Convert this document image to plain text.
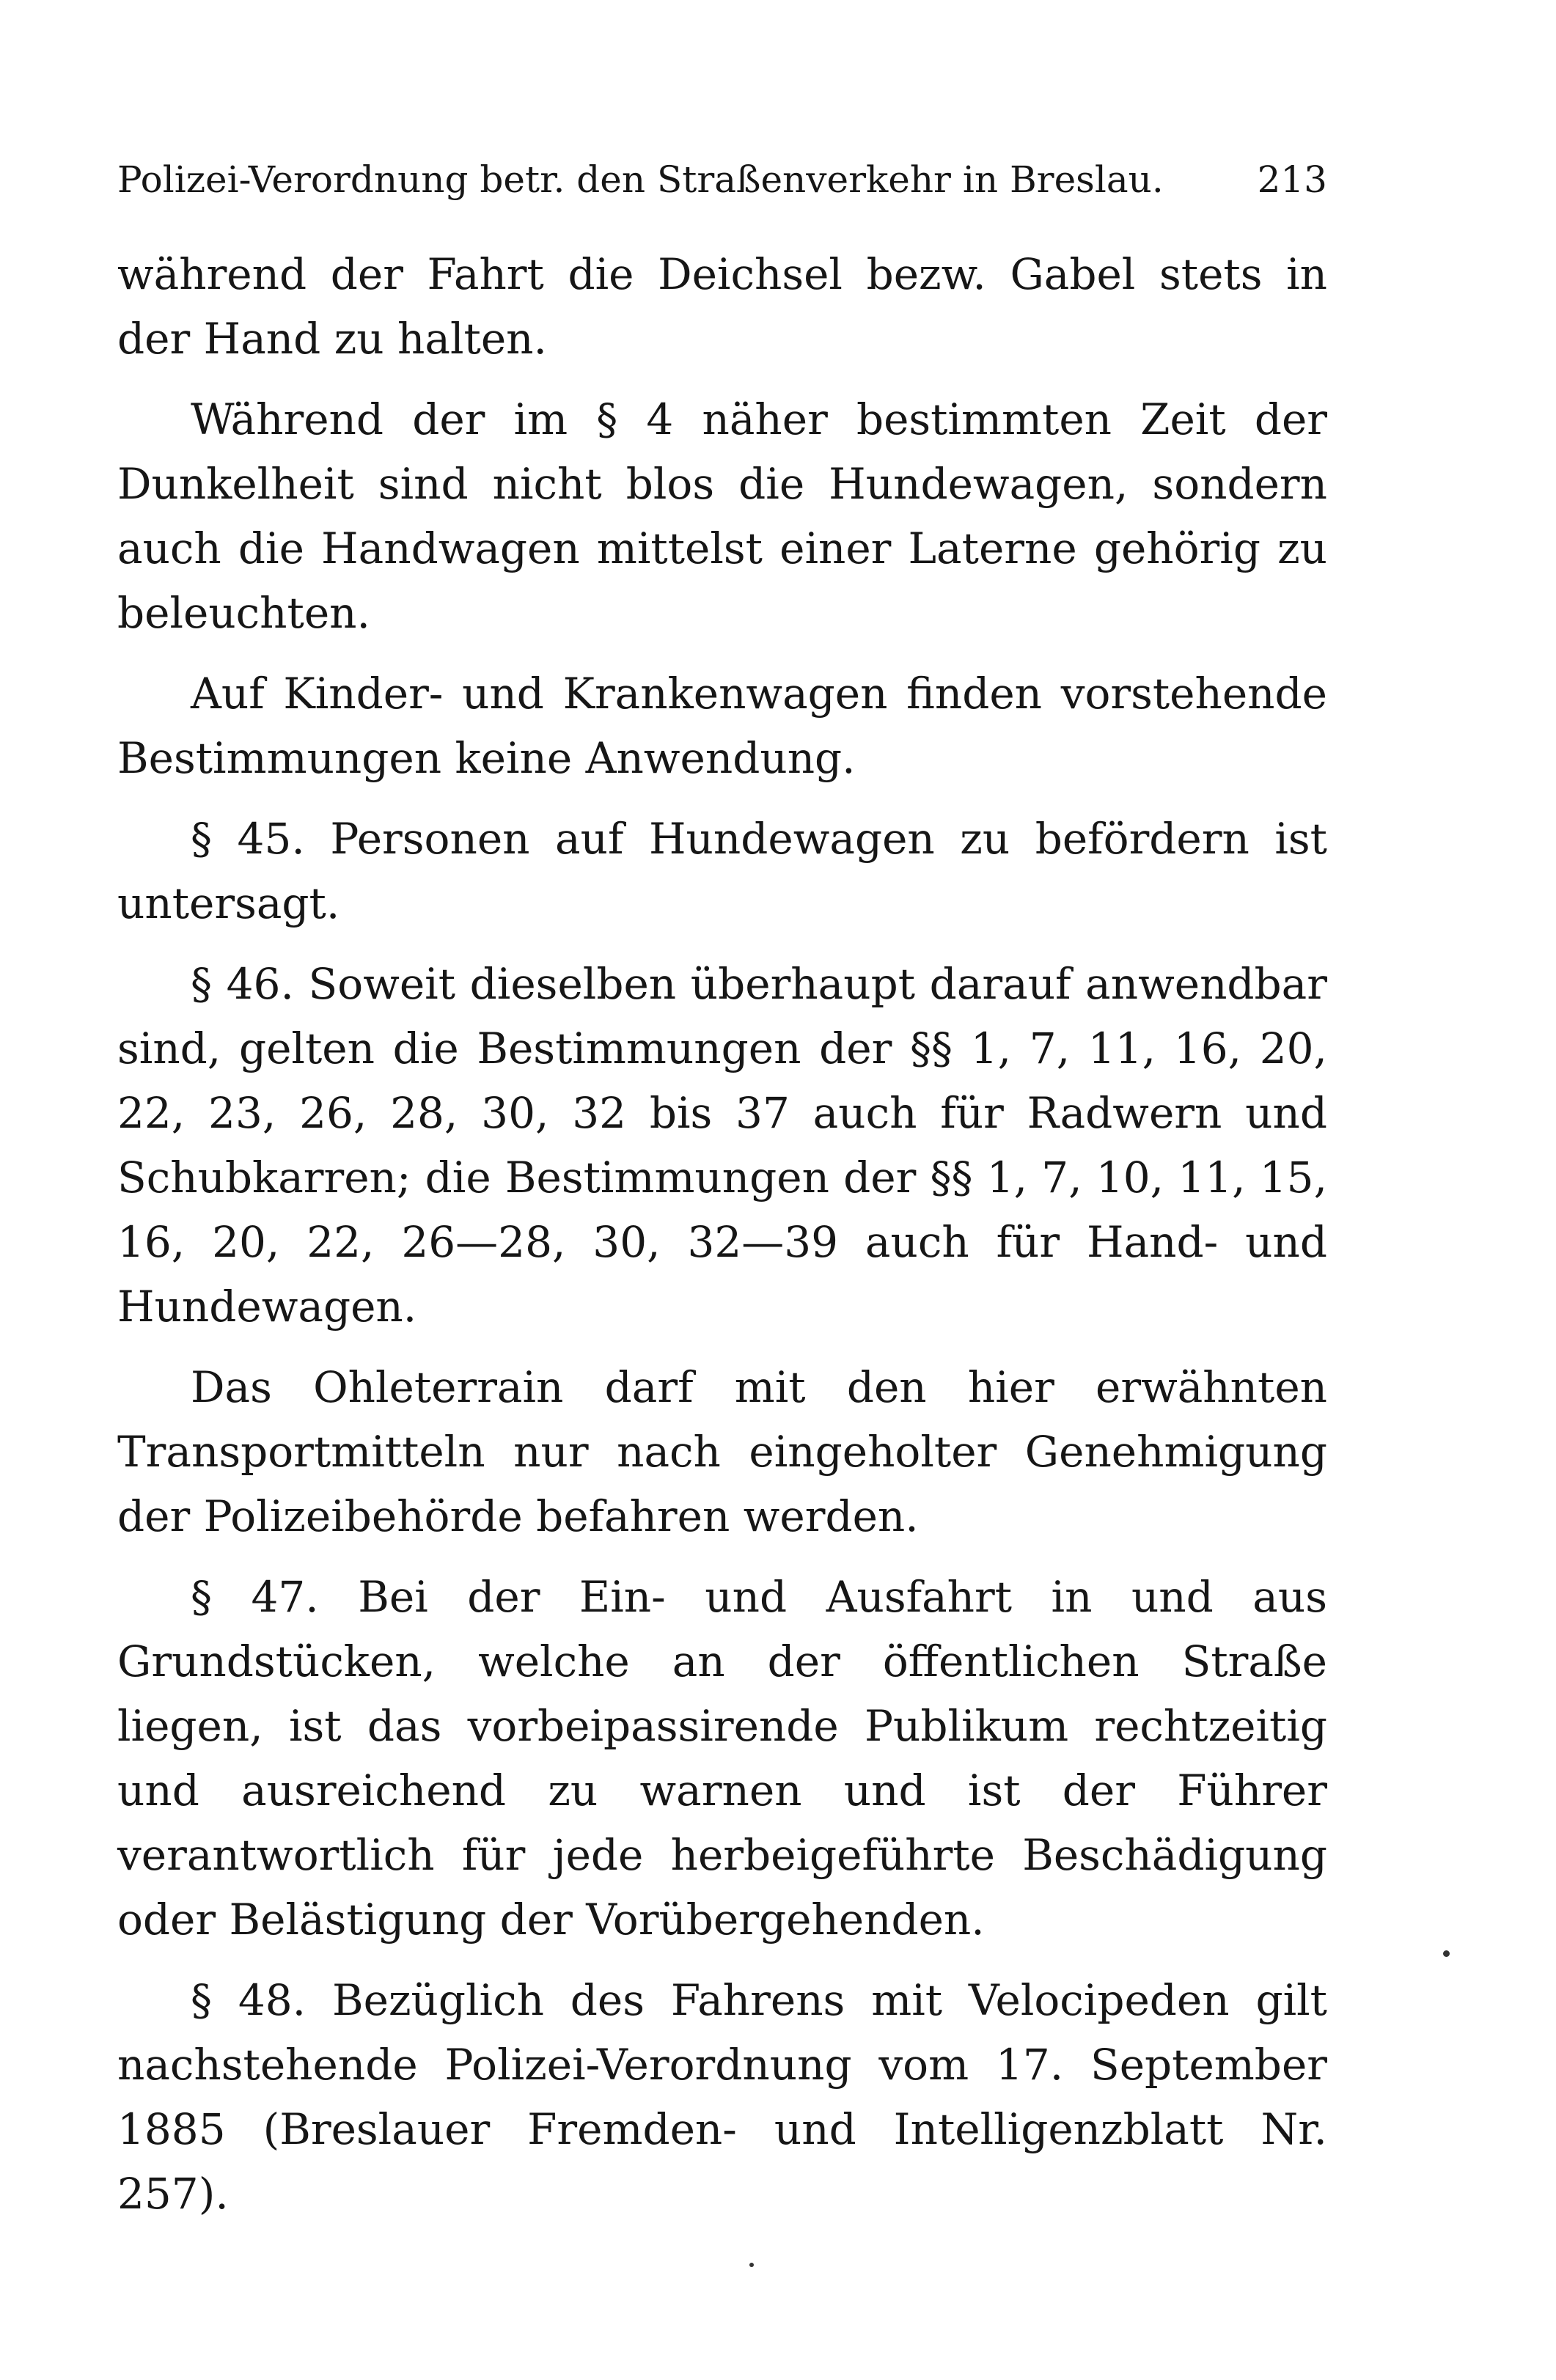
Polizei-Verordnung betr. den Straßenverkehr in Breslau.	213

während der Fahrt die Deichsel bezw. Gabel stets in der Hand zu halten.

Während der im § 4 näher bestimmten Zeit der Dunkelheit sind nicht blos die Hundewagen, sondern auch die Handwagen mittelst einer Laterne gehörig zu beleuchten.

Auf Kinder- und Krankenwagen finden vorstehende Bestimmungen keine Anwendung.

§ 45. Personen auf Hundewagen zu befördern ist untersagt.

§ 46. Soweit dieselben überhaupt darauf anwendbar sind, gelten die Bestimmungen der §§ 1, 7, 11, 16, 20, 22, 23, 26, 28, 30, 32 bis 37 auch für Radwern und Schubkarren; die Bestimmungen der §§ 1, 7, 10, 11, 15, 16, 20, 22, 26—28, 30, 32—39 auch für Hand- und Hundewagen.

Das Ohleterrain darf mit den hier erwähnten Transportmitteln nur nach eingeholter Genehmigung der Polizeibehörde befahren werden.

§ 47. Bei der Ein- und Ausfahrt in und aus Grundstücken, welche an der öffentlichen Straße liegen, ist das vorbeipassirende Publikum rechtzeitig und ausreichend zu warnen und ist der Führer verantwortlich für jede herbeigeführte Beschädigung oder Belästigung der Vorübergehenden.

§ 48. Bezüglich des Fahrens mit Velocipeden gilt nachstehende Polizei-Verordnung vom 17. September 1885 (Breslauer Fremden- und Intelligenzblatt Nr. 257).
